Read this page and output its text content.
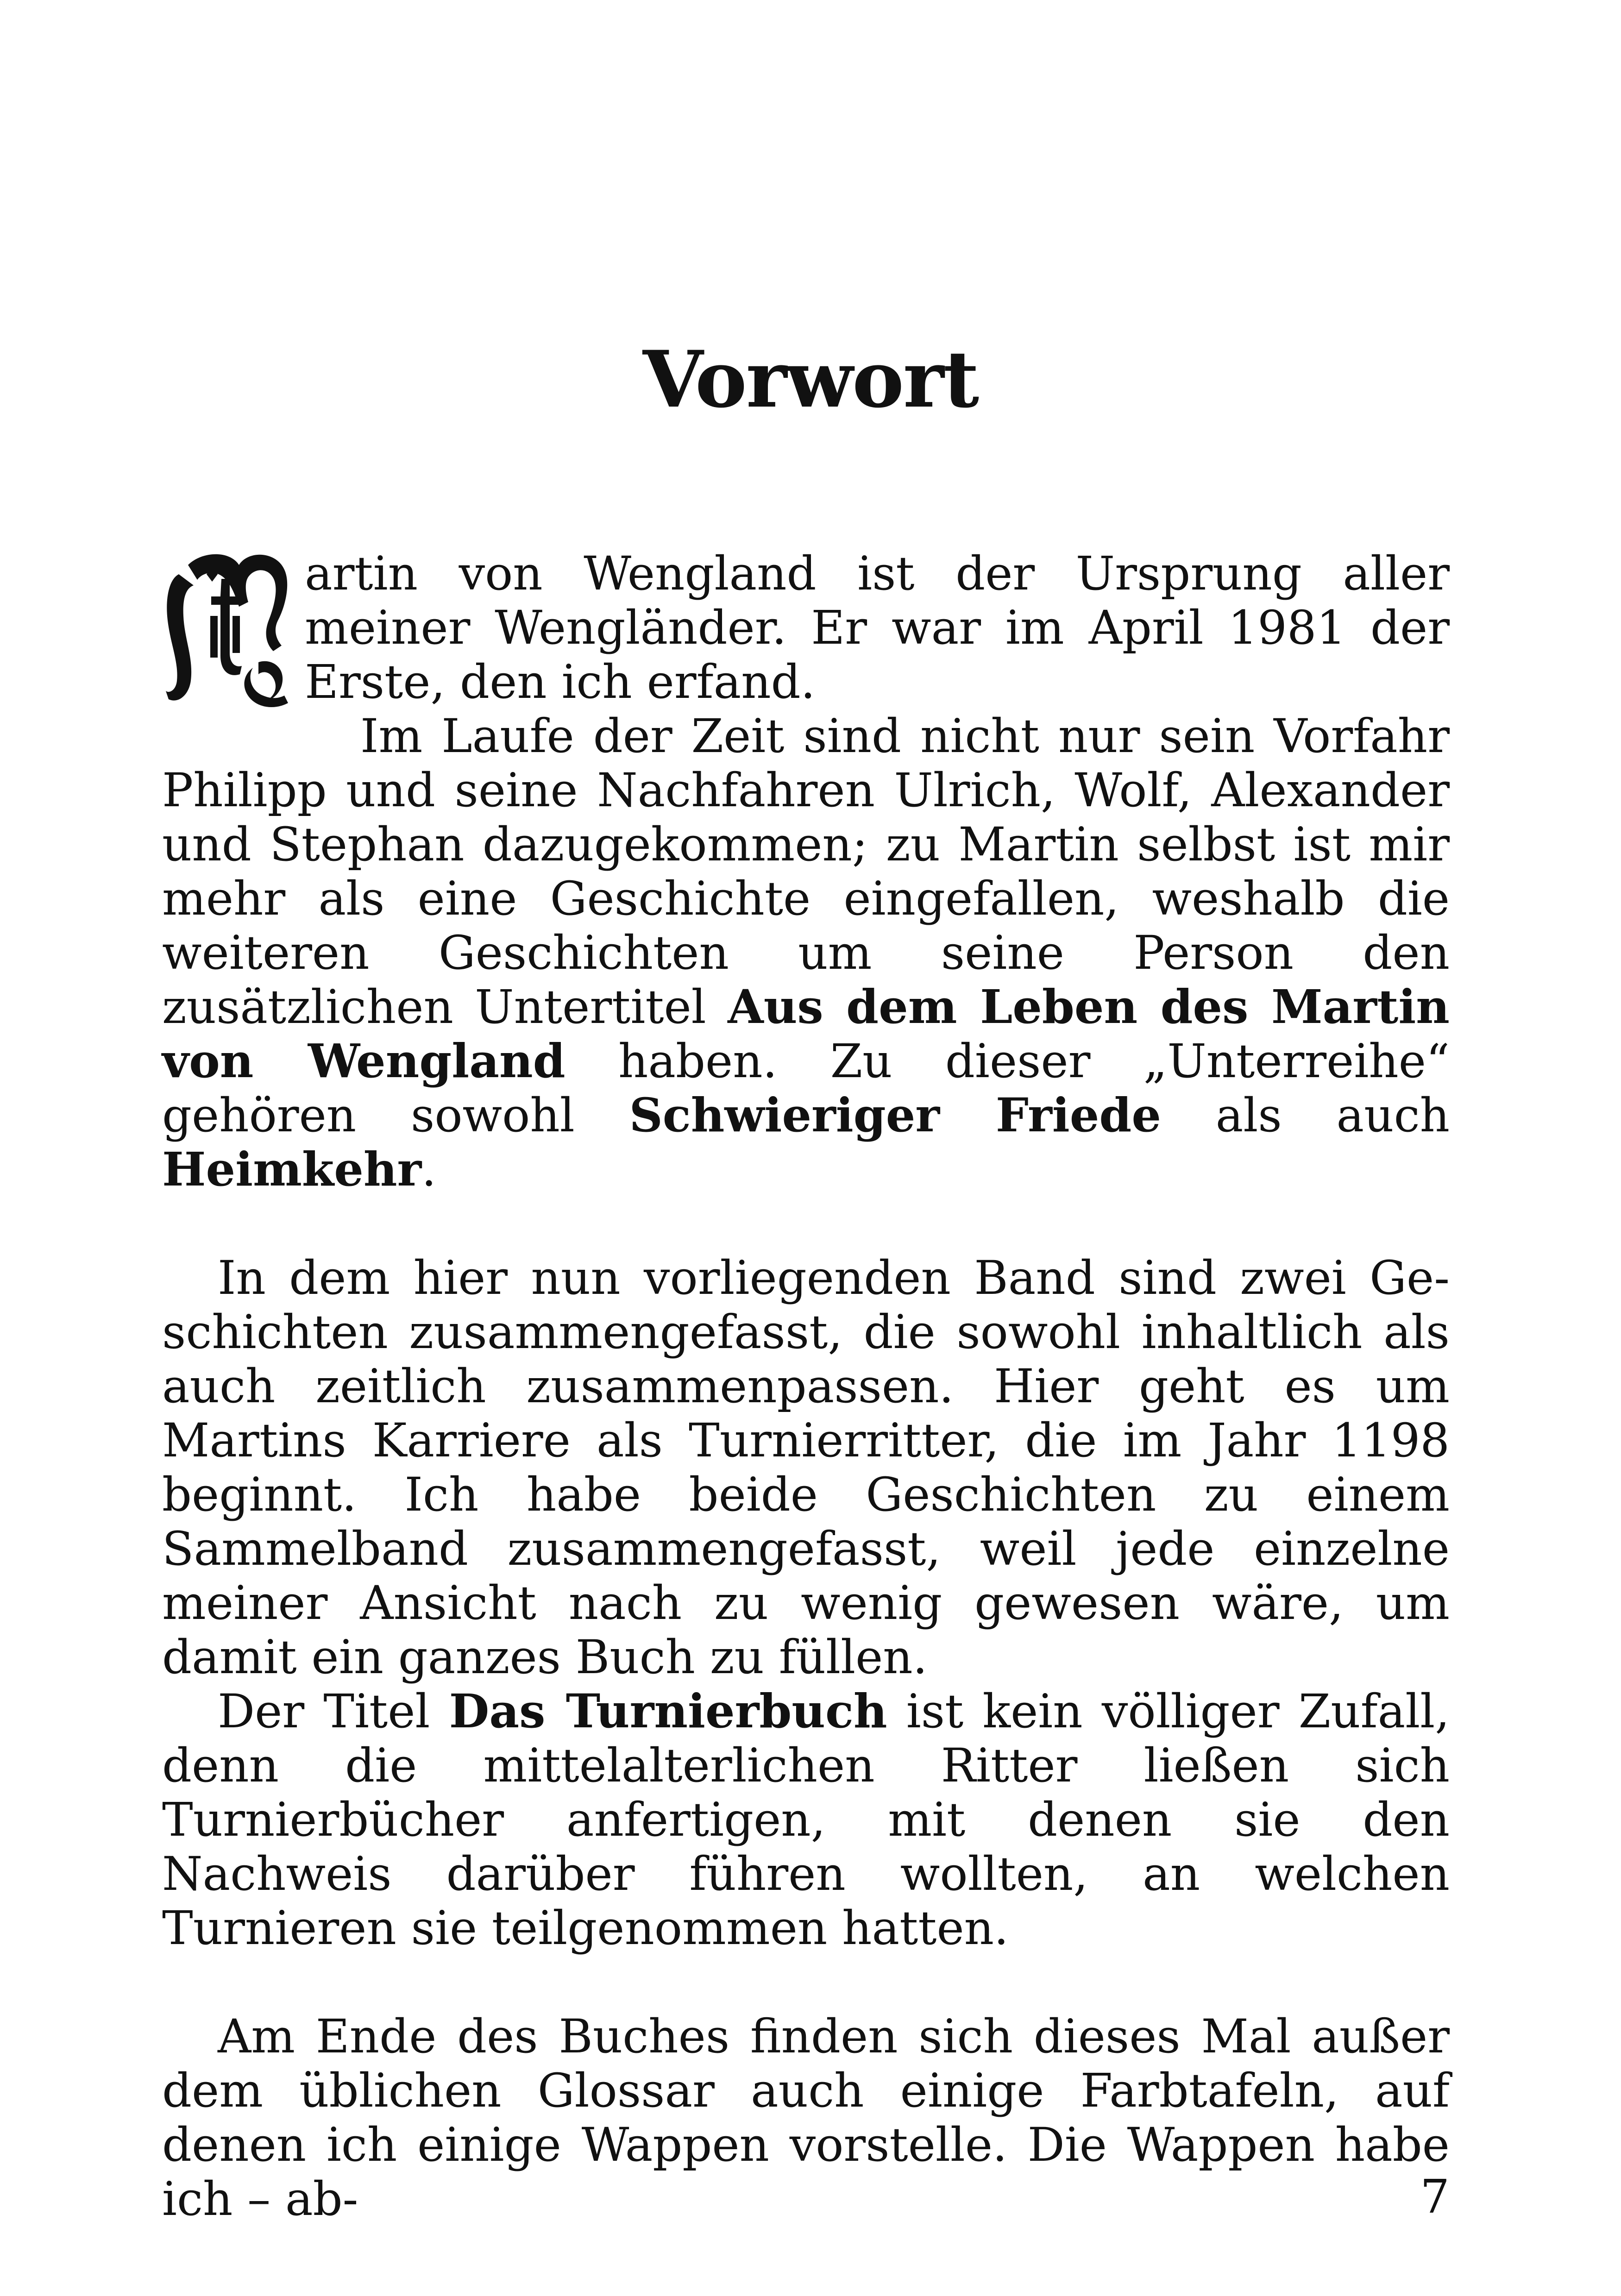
Vorwort

artin von Wengland ist der Ursprung aller meiner Wengländer. Er war im April 1981 der Erste, den ich erfand.

Im Laufe der Zeit sind nicht nur sein Vorfahr Philipp und seine Nachfahren Ulrich, Wolf, Alexander und Stephan dazugekommen; zu Martin selbst ist mir mehr als eine Geschichte eingefallen, weshalb die weiteren Geschichten um seine Person den zusätzlichen Untertitel Aus dem Leben des Martin von Wengland haben. Zu dieser „Unterreihe“ gehören sowohl Schwieriger Friede als auch Heimkehr.

In dem hier nun vorliegenden Band sind zwei Geschichten zusammengefasst, die sowohl inhaltlich als auch zeitlich zusammenpassen. Hier geht es um Martins Karriere als Turnierritter, die im Jahr 1198 beginnt. Ich habe beide Geschichten zu einem Sammelband zusammengefasst, weil jede einzelne meiner Ansicht nach zu wenig gewesen wäre, um damit ein ganzes Buch zu füllen.

Der Titel Das Turnierbuch ist kein völliger Zufall, denn die mittelalterlichen Ritter ließen sich Turnierbücher anfertigen, mit denen sie den Nachweis darüber führen wollten, an welchen Turnieren sie teilgenommen hatten.

Am Ende des Buches finden sich dieses Mal außer dem üblichen Glossar auch einige Farbtafeln, auf denen ich einige Wappen vorstelle. Die Wappen habe ich – ab-	7
